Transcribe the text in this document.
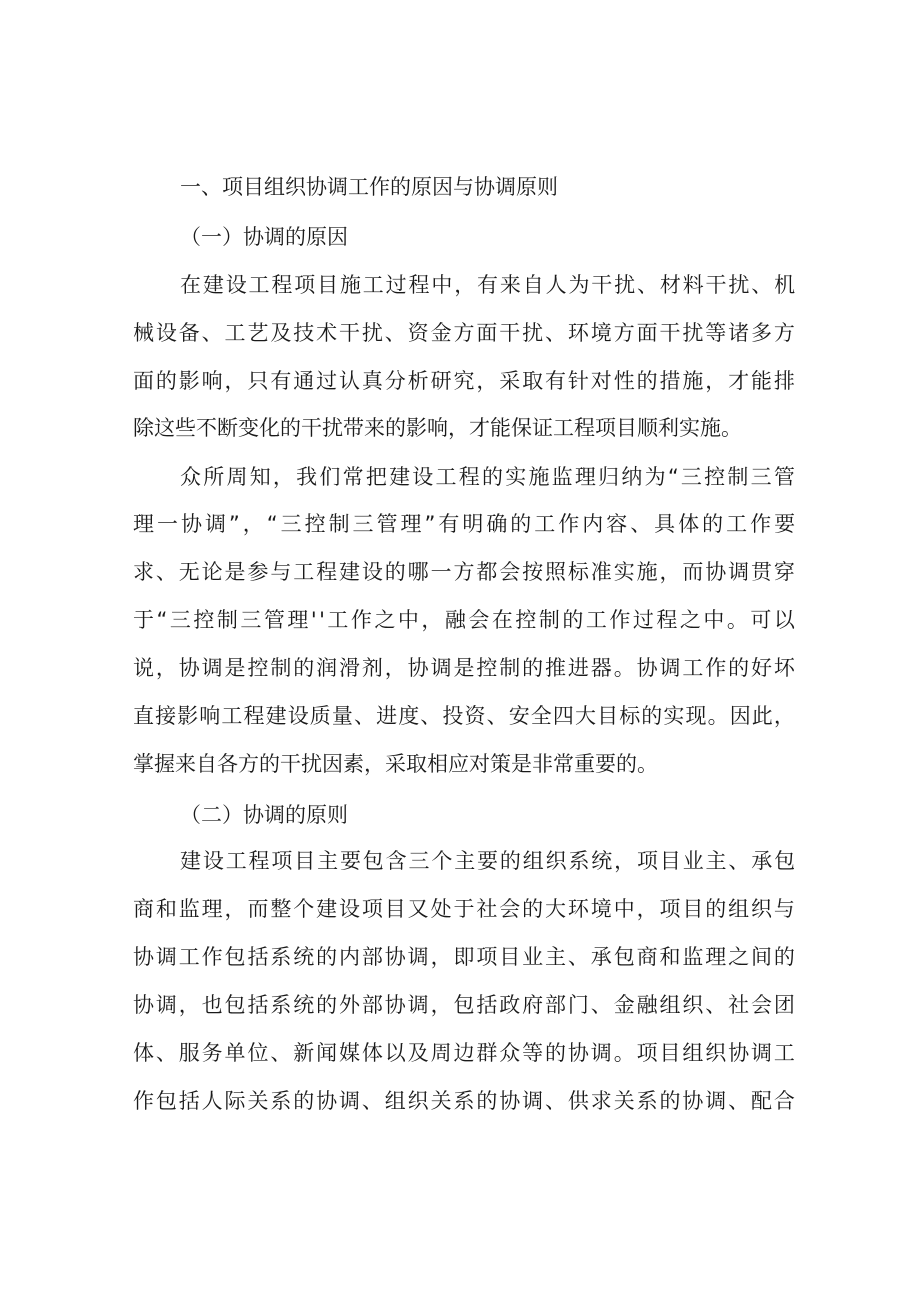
一、项目组织协调工作的原因与协调原则
（一）协调的原因
在建设工程项目施工过程中，有来自人为干扰、材料干扰、机
械设备、工艺及技术干扰、资金方面干扰、环境方面干扰等诸多方
面的影响，只有通过认真分析研究，采取有针对性的措施，才能排
除这些不断变化的干扰带来的影响，才能保证工程项目顺利实施。
众所周知，我们常把建设工程的实施监理归纳为“三控制三管
理一协调”，“三控制三管理”有明确的工作内容、具体的工作要
求、无论是参与工程建设的哪一方都会按照标准实施，而协调贯穿
于“三控制三管理''工作之中，融会在控制的工作过程之中。可以
说，协调是控制的润滑剂，协调是控制的推进器。协调工作的好坏
直接影响工程建设质量、进度、投资、安全四大目标的实现。因此，
掌握来自各方的干扰因素，采取相应对策是非常重要的。
（二）协调的原则
建设工程项目主要包含三个主要的组织系统，项目业主、承包
商和监理，而整个建设项目又处于社会的大环境中，项目的组织与
协调工作包括系统的内部协调，即项目业主、承包商和监理之间的
协调，也包括系统的外部协调，包括政府部门、金融组织、社会团
体、服务单位、新闻媒体以及周边群众等的协调。项目组织协调工
作包括人际关系的协调、组织关系的协调、供求关系的协调、配合
